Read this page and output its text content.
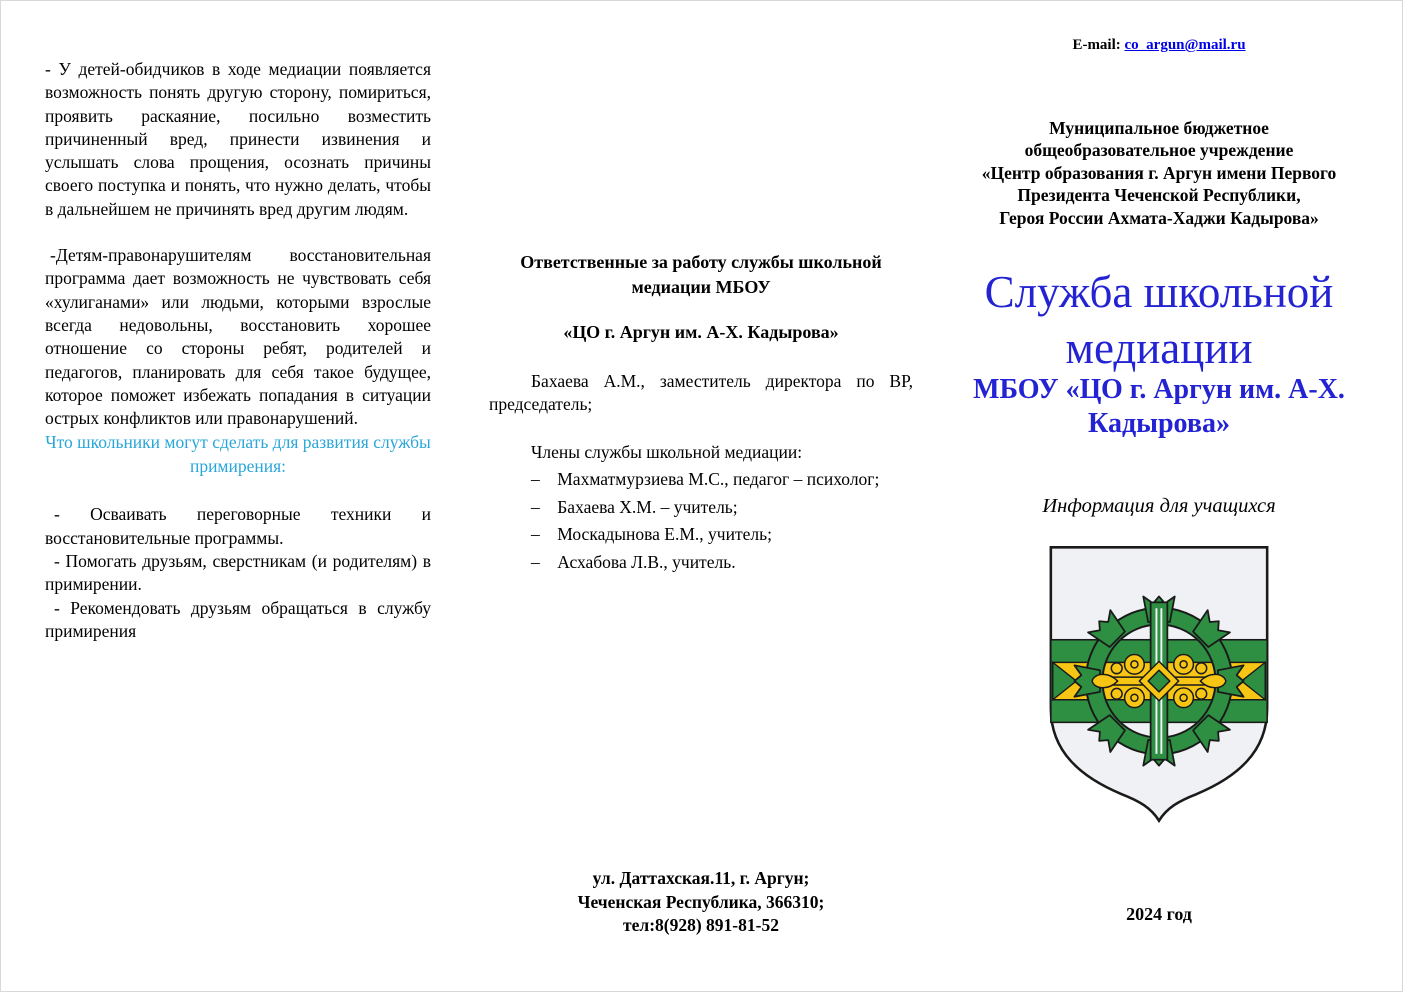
- У детей-обидчиков в ходе медиации появляется возможность понять другую сторону, помириться, проявить раскаяние, посильно возместить причиненный вред, принести извинения и услышать слова прощения, осознать причины своего поступка и понять, что нужно делать, чтобы в дальнейшем не причинять вред другим людям.

-Детям-правонарушителям восстановительная программа дает возможность не чувствовать себя «хулиганами» или людьми, которыми взрослые всегда недовольны, восстановить хорошее отношение со стороны ребят, родителей и педагогов, планировать для себя такое будущее, которое поможет избежать попадания в ситуации острых конфликтов или правонарушений.

Что школьники могут сделать для развития службы примирения:

- Осваивать переговорные техники и восстановительные программы.

- Помогать друзьям, сверстникам (и родителям) в примирении.

- Рекомендовать друзьям обращаться в службу примирения

Ответственные за работу службы школьной медиации МБОУ

«ЦО г. Аргун им. А-Х. Кадырова»

Бахаева А.М., заместитель директора по ВР, председатель;

Члены службы школьной медиации:

–    Махматмурзиева М.С., педагог – психолог;

–    Бахаева Х.М. – учитель;

–    Москадынова Е.М., учитель;

–    Асхабова Л.В., учитель.

ул. Даттахская.11, г. Аргун;
Чеченская Республика, 366310;
тел:8(928) 891-81-52
E-mail: co_argun@mail.ru
Муниципальное бюджетное
общеобразовательное учреждение
«Центр образования г. Аргун имени Первого
Президента Чеченской Республики,
Героя России Ахмата-Хаджи Кадырова»
Служба школьной медиации
МБОУ «ЦО г. Аргун им. А-Х. Кадырова»
Информация для учащихся
2024 год
